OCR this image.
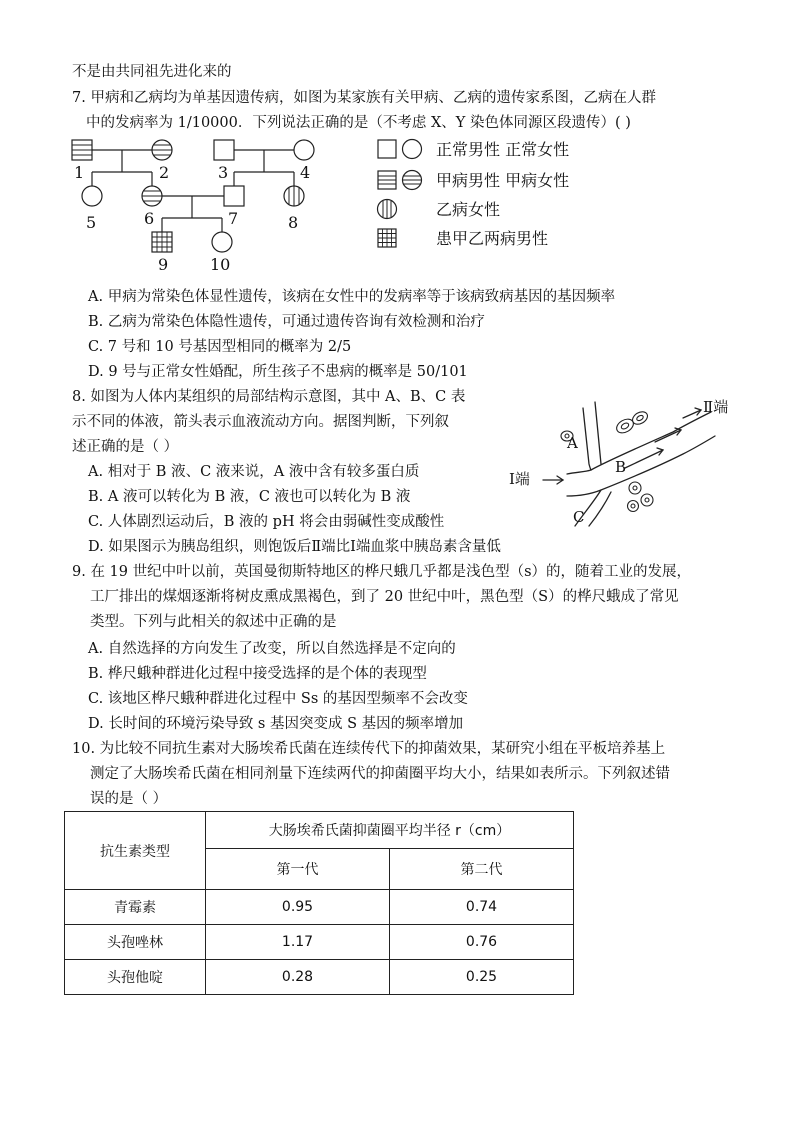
不是由共同祖先进化来的
7. 甲病和乙病均为单基因遗传病，如图为某家族有关甲病、乙病的遗传家系图，乙病在人群
中的发病率为 1/10000．下列说法正确的是（不考虑 X、Y 染色体同源区段遗传）( )
1	2	3	4
5	6	7	8
9	10
正常男性 正常女性
甲病男性 甲病女性
乙病女性
患甲乙两病男性
A. 甲病为常染色体显性遗传，该病在女性中的发病率等于该病致病基因的基因频率
B. 乙病为常染色体隐性遗传，可通过遗传咨询有效检测和治疗
C. 7 号和 10 号基因型相同的概率为 2/5
D. 9 号与正常女性婚配，所生孩子不患病的概率是 50/101
8. 如图为人体内某组织的局部结构示意图，其中 A、B、C 表
示不同的体液，箭头表示血液流动方向。据图判断，下列叙
述正确的是（ ）
A. 相对于 B 液、C 液来说，A 液中含有较多蛋白质
B. A 液可以转化为 B 液，C 液也可以转化为 B 液
C. 人体剧烈运动后，B 液的 pH 将会由弱碱性变成酸性
D. 如果图示为胰岛组织，则饱饭后Ⅱ端比Ⅰ端血浆中胰岛素含量低
A
B
C
Ⅰ端
Ⅱ端
9. 在 19 世纪中叶以前，英国曼彻斯特地区的桦尺蛾几乎都是浅色型（s）的，随着工业的发展，
工厂排出的煤烟逐渐将树皮熏成黑褐色，到了 20 世纪中叶，黑色型（S）的桦尺蛾成了常见
类型。下列与此相关的叙述中正确的是
A. 自然选择的方向发生了改变，所以自然选择是不定向的
B. 桦尺蛾种群进化过程中接受选择的是个体的表现型
C. 该地区桦尺蛾种群进化过程中 Ss 的基因型频率不会改变
D. 长时间的环境污染导致 s 基因突变成 S 基因的频率增加
10. 为比较不同抗生素对大肠埃希氏菌在连续传代下的抑菌效果，某研究小组在平板培养基上
测定了大肠埃希氏菌在相同剂量下连续两代的抑菌圈平均大小，结果如表所示。下列叙述错
误的是（ ）
抗生素类型	大肠埃希氏菌抑菌圈平均半径 r（cm）	
	第一代	第二代
青霉素	0.95	0.74
头孢唑林	1.17	0.76
头孢他啶	0.28	0.25
